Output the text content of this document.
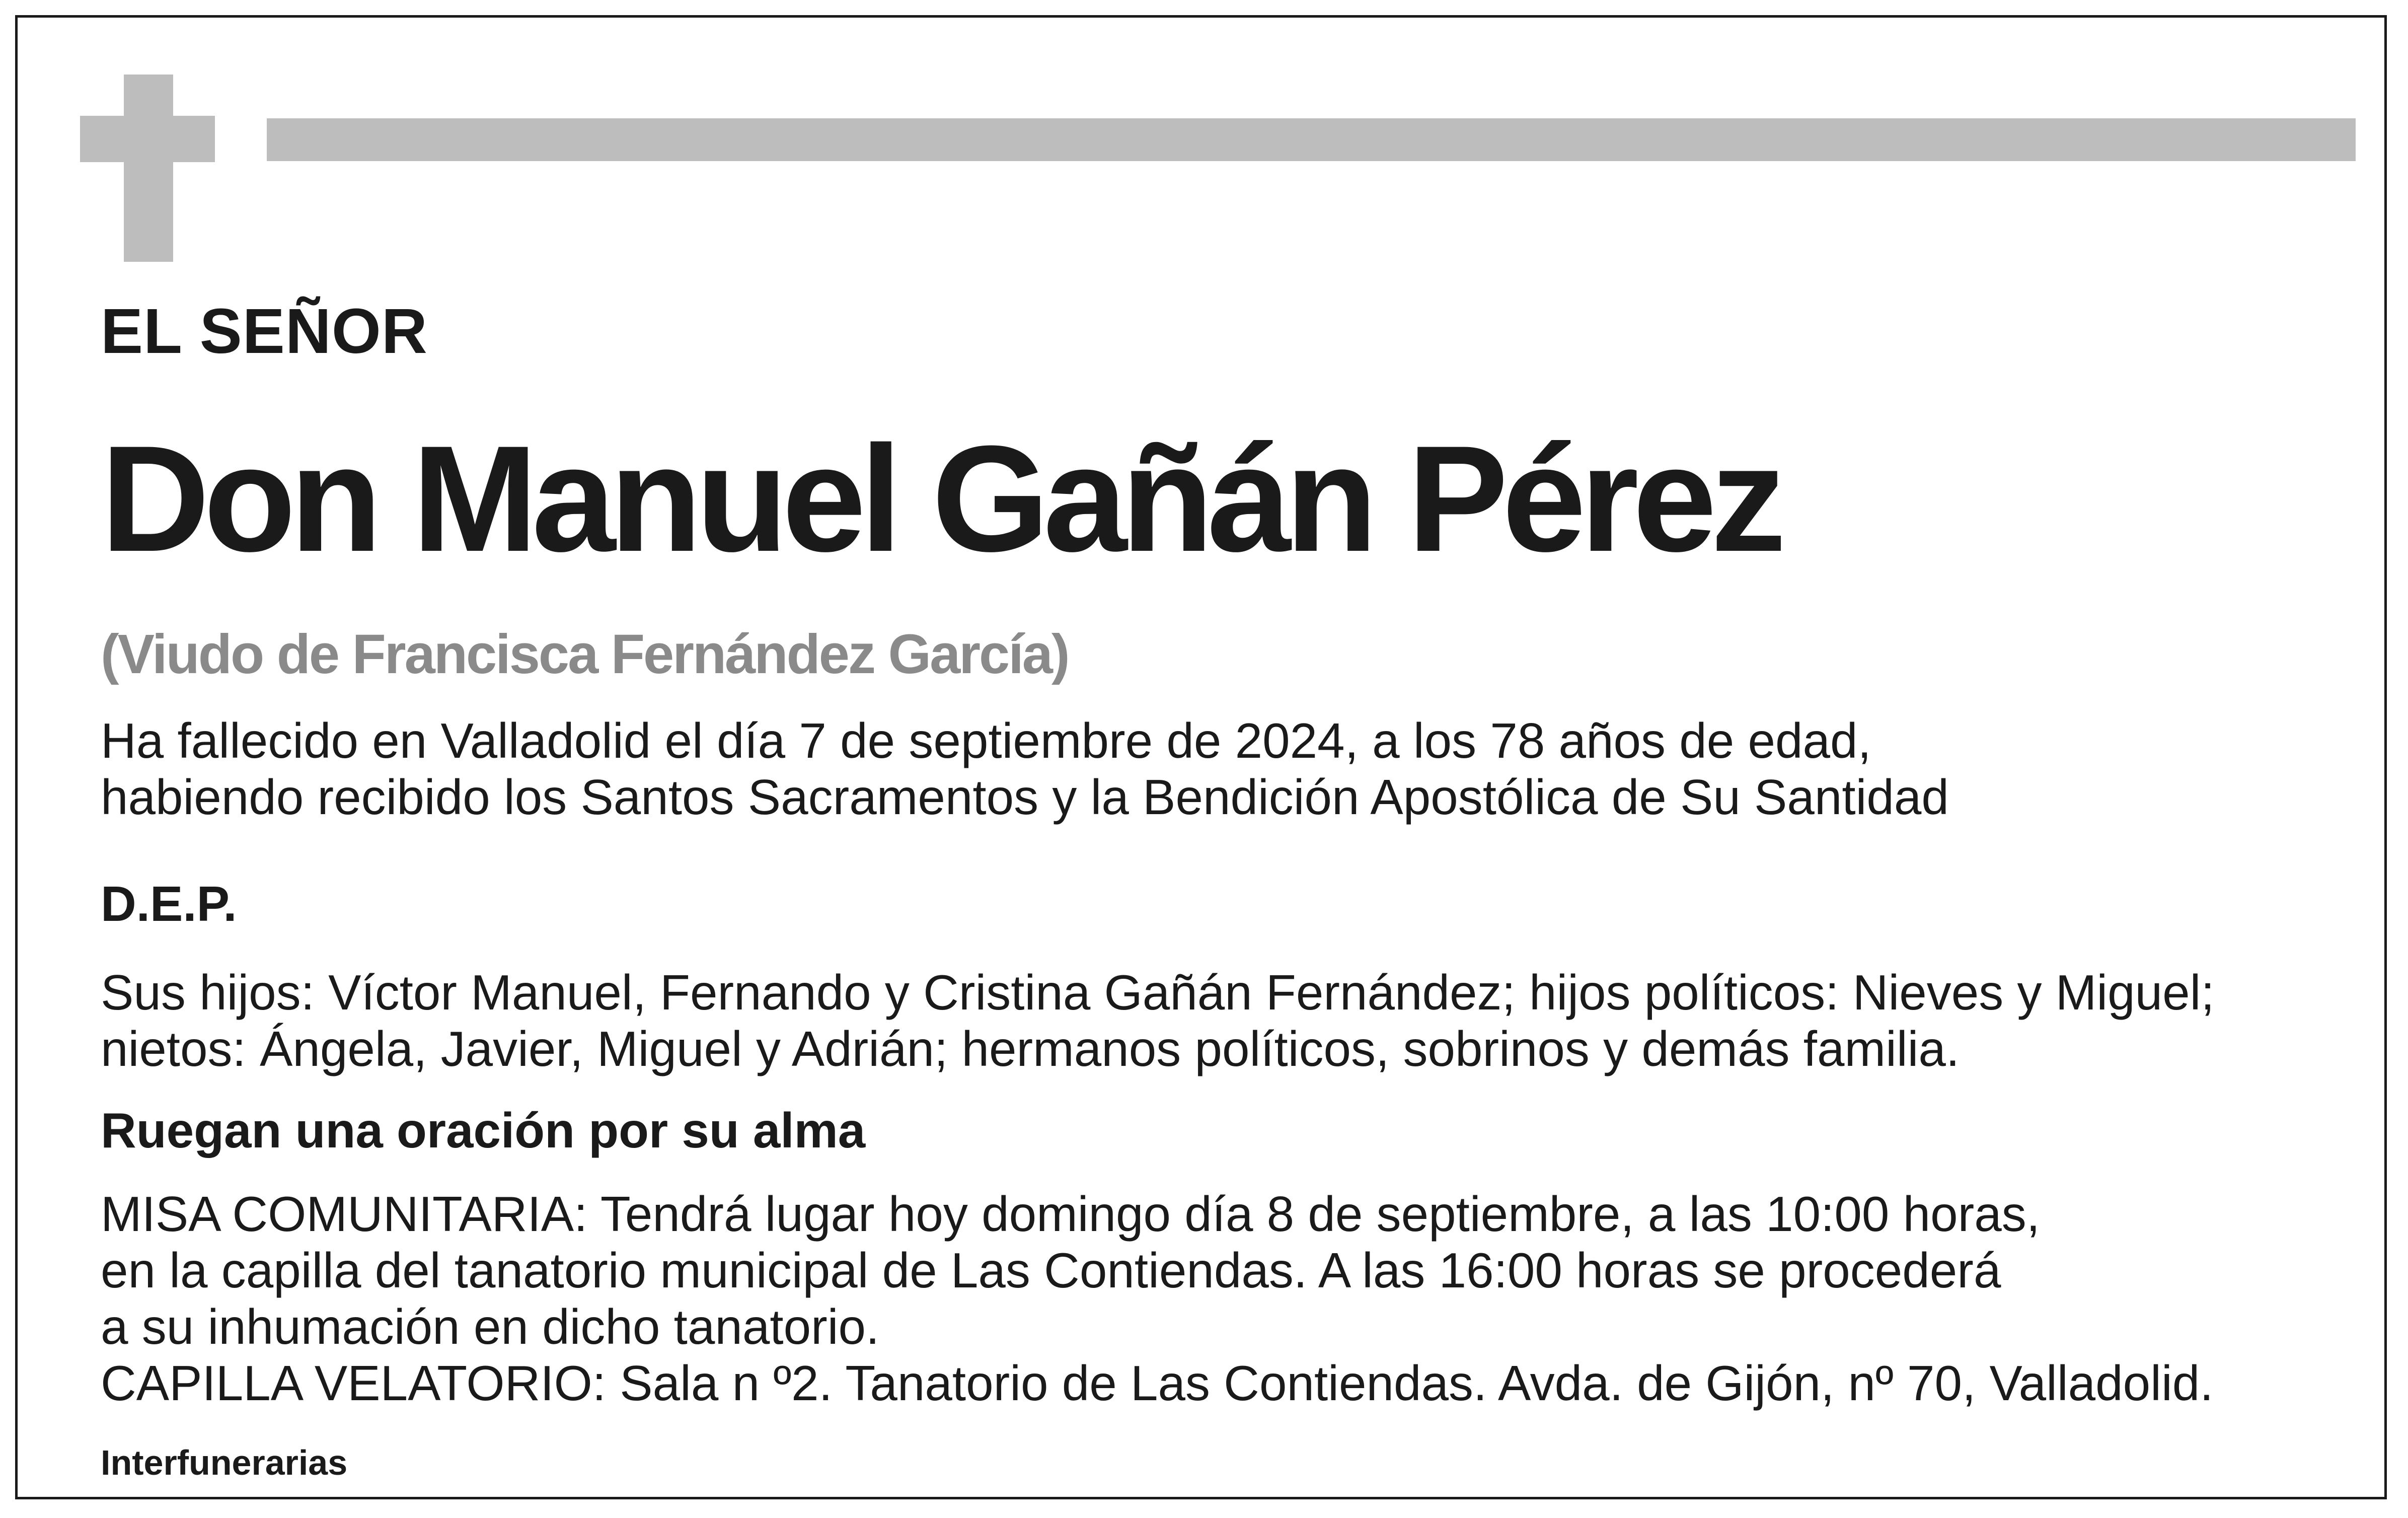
EL SEÑOR
Don Manuel Gañán Pérez
(Viudo de Francisca Fernández García)
Ha fallecido en Valladolid el día 7 de septiembre de 2024, a los 78 años de edad,
habiendo recibido los Santos Sacramentos y la Bendición Apostólica de Su Santidad
D.E.P.
Sus hijos: Víctor Manuel, Fernando y Cristina Gañán Fernández; hijos políticos: Nieves y Miguel;
nietos: Ángela, Javier, Miguel y Adrián; hermanos políticos, sobrinos y demás familia.
Ruegan una oración por su alma
MISA COMUNITARIA: Tendrá lugar hoy domingo día 8 de septiembre, a las 10:00 horas,
en la capilla del tanatorio municipal de Las Contiendas. A las 16:00 horas se procederá
a su inhumación en dicho tanatorio.
CAPILLA VELATORIO: Sala n º2. Tanatorio de Las Contiendas. Avda. de Gijón, nº 70, Valladolid.
Interfunerarias
